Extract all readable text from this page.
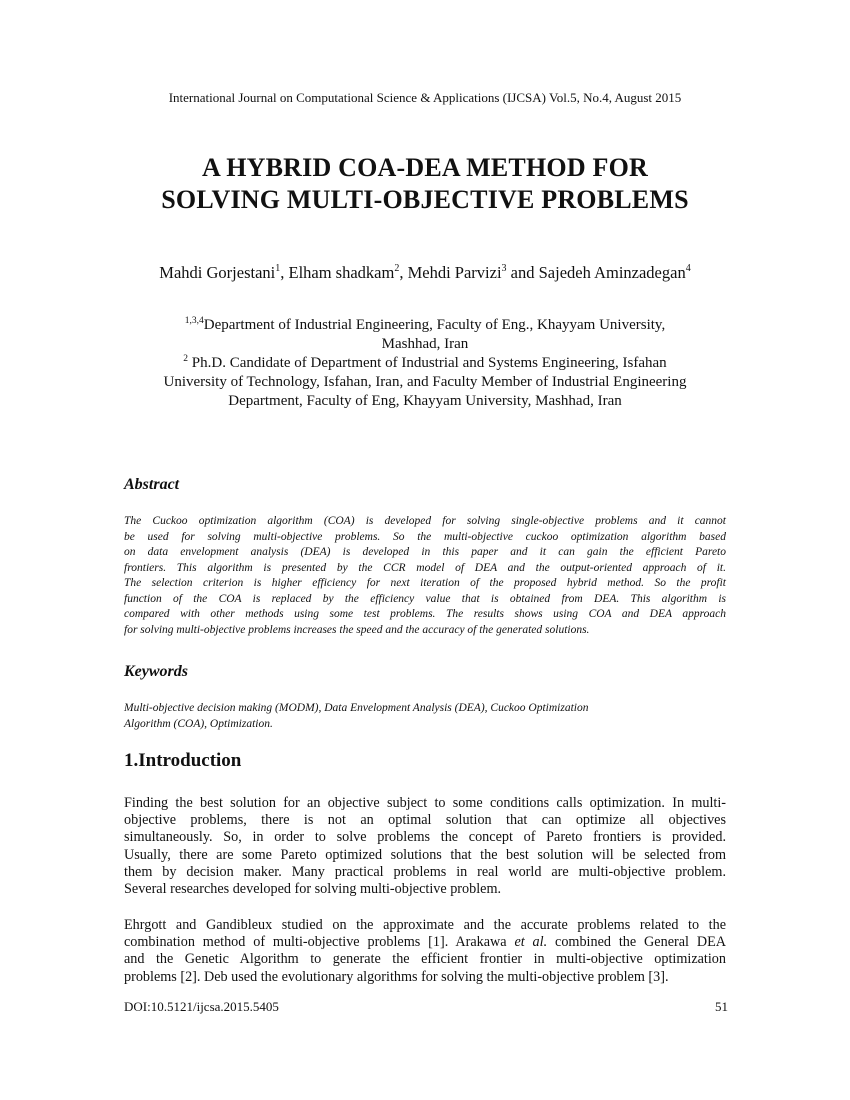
International Journal on Computational Science & Applications (IJCSA) Vol.5, No.4, August 2015
A HYBRID COA-DEA METHOD FOR
SOLVING MULTI-OBJECTIVE PROBLEMS
Mahdi Gorjestani$^1$, Elham shadkam$^2$, Mehdi Parvizi$^3$ and Sajedeh Aminzadegan$^4$
$^{1,3,4}$Department of Industrial Engineering, Faculty of Eng., Khayyam University,
Mashhad, Iran
$^2$ Ph.D. Candidate of Department of Industrial and Systems Engineering, Isfahan
University of Technology, Isfahan, Iran, and Faculty Member of Industrial Engineering
Department, Faculty of Eng, Khayyam University, Mashhad, Iran
Abstract
The Cuckoo optimization algorithm (COA) is developed for solving single-objective problems and it cannot
be used for solving multi-objective problems. So the multi-objective cuckoo optimization algorithm based
on data envelopment analysis (DEA) is developed in this paper and it can gain the efficient Pareto
frontiers. This algorithm is presented by the CCR model of DEA and the output-oriented approach of it.
The selection criterion is higher efficiency for next iteration of the proposed hybrid method. So the profit
function of the COA is replaced by the efficiency value that is obtained from DEA. This algorithm is
compared with other methods using some test problems. The results shows using COA and DEA approach
for solving multi-objective problems increases the speed and the accuracy of the generated solutions.
Keywords
Multi-objective decision making (MODM), Data Envelopment Analysis (DEA), Cuckoo Optimization
Algorithm (COA), Optimization.
1.Introduction
Finding the best solution for an objective subject to some conditions calls optimization. In multi-
objective problems, there is not an optimal solution that can optimize all objectives
simultaneously. So, in order to solve problems the concept of Pareto frontiers is provided.
Usually, there are some Pareto optimized solutions that the best solution will be selected from
them by decision maker. Many practical problems in real world are multi-objective problem.
Several researches developed for solving multi-objective problem.
Ehrgott and Gandibleux studied on the approximate and the accurate problems related to the
combination method of multi-objective problems [1]. Arakawa et al. combined the General DEA
and the Genetic Algorithm to generate the efficient frontier in multi-objective optimization
problems [2]. Deb used the evolutionary algorithms for solving the multi-objective problem [3].
DOI:10.5121/ijcsa.2015.5405	51
